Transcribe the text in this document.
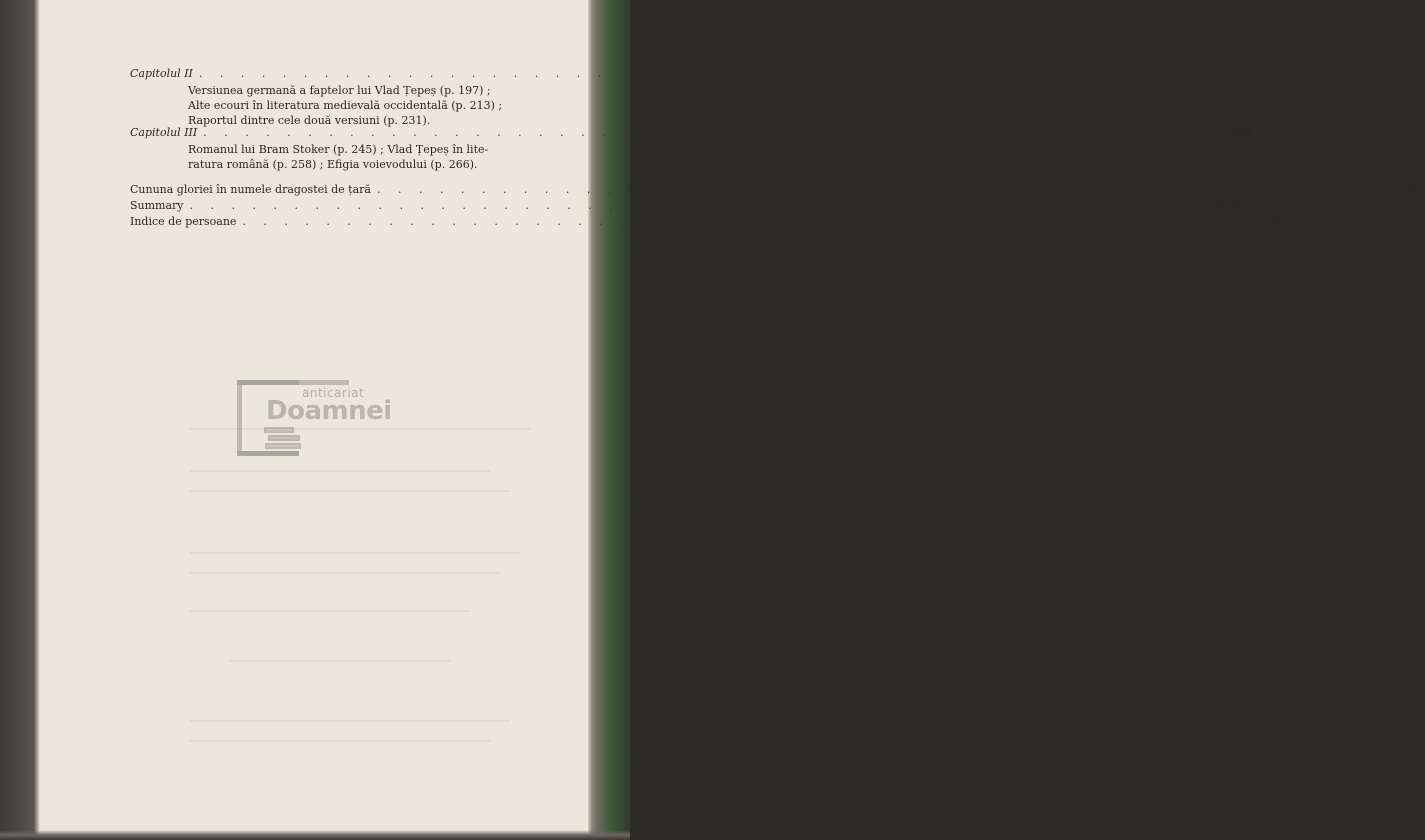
Capitolul II . . . . . . . . . . . . . . . . . . . . . . . . . . . . . . . . . . . . . . . . . . . . . . . . . 197
Versiunea germană a faptelor lui Vlad Țepeș (p. 197) ;
Alte ecouri în literatura medievală occidentală (p. 213) ;
Raportul dintre cele două versiuni (p. 231).
Capitolul III . . . . . . . . . . . . . . . . . . . . . . . . . . . . . . . . . . . . . . . . . . . . . . . . . 245
Romanul lui Bram Stoker (p. 245) ; Vlad Țepeș în lite-
ratura română (p. 258) ; Efigia voievodului (p. 266).
Cununa gloriei în numele dragostei de țară . . . . . . . . . . . . . . . . . . . . . . . . . . . . . . . . . . . . . . . . . . . . . . . . . 271
Summary . . . . . . . . . . . . . . . . . . . . . . . . . . . . . . . . . . . . . . . . . . . . . . . . . 275
Indice de persoane . . . . . . . . . . . . . . . . . . . . . . . . . . . . . . . . . . . . . . . . . . . . . . . . . 285
anticariat
Doamnei
